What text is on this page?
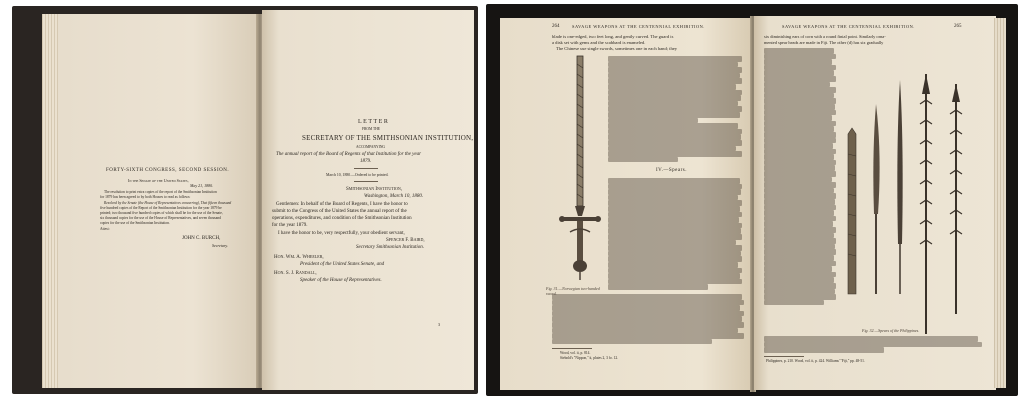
FORTY-SIXTH CONGRESS, SECOND SESSION.
In the Senate of the United States,
May 21, 1880.
The resolution to print extra copies of the report of the Smithsonian Institution
for 1879 has been agreed to by both Houses to read as follows:
Resolved by the Senate (the House of Representatives concurring), That fifteen thousand
five hundred copies of the Report of the Smithsonian Institution for the year 1879 be
printed; two thousand five hundred copies of which shall be for the use of the Senate,
six thousand copies for the use of the House of Representatives, and seven thousand
copies for the use of the Smithsonian Institution.
Attest:
JOHN C. BURCH,
Secretary.
LETTER
FROM THE
SECRETARY OF THE SMITHSONIAN INSTITUTION,
ACCOMPANYING
The annual report of the Board of Regents of that Institution for the year
1879.
March 10, 1880.—Ordered to be printed.
Smithsonian Institution,
Washington, March 10, 1880.
Gentlemen: In behalf of the Board of Regents, I have the honor to
submit to the Congress of the United States the annual report of the
operations, expenditures, and condition of the Smithsonian Institution
for the year 1879.
I have the honor to be, very respectfully, your obedient servant,
Spencer F. Baird,
Secretary Smithsonian Institution.
Hon. Wm. A. Wheeler,
President of the United States Senate, and
Hon. S. J. Randall,
Speaker of the House of Representatives.
3
264	SAVAGE WEAPONS AT THE CENTENNIAL EXHIBITION.
blade is one-edged, two feet long, and gently curved. The guard is
a disk set with gems and the scabbard is enameled.
The Chinese use single swords, sometimes one in each hand; they
IV.—Spears.
Wood, vol. ii, p. 814.
Siebold's "Nippon," ii, plates 2, 3 fo. 12.
Fig. 31.—Norwegian two-handed sword.
SAVAGE WEAPONS AT THE CENTENNIAL EXHIBITION.	265
six diminishing ears of corn with a round finial point. Similarly orna-
mented spear heads are made in Fiji. The other (d) has six gradually
Fig. 32.—Spears of the Philippines.
Philippines, p. 210. Wood, vol. ii, p. 424. Williams' "Fiji," pp. 48-51.
